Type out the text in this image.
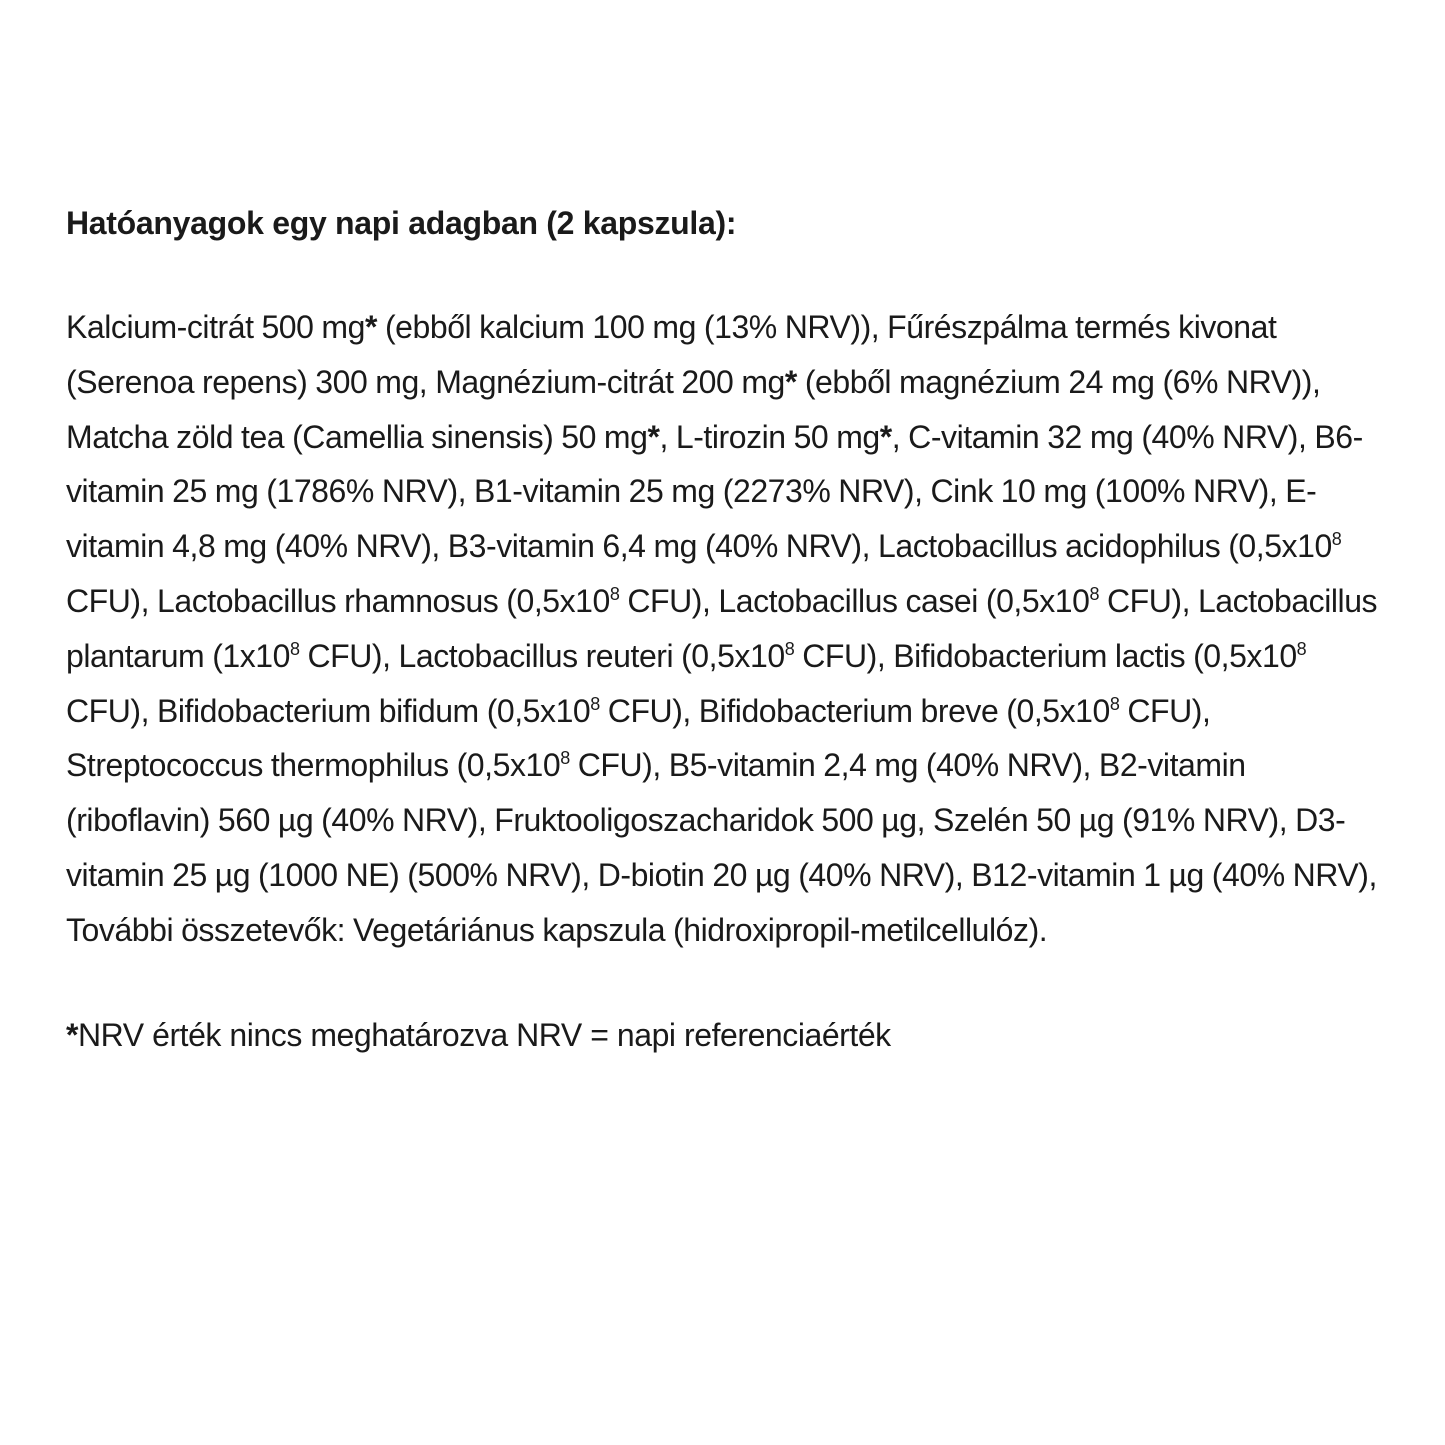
Hatóanyagok egy napi adagban (2 kapszula):

Kalcium-citrát 500 mg* (ebből kalcium 100 mg (13% NRV)), Fűrészpálma termés kivonat (Serenoa repens) 300 mg, Magnézium-citrát 200 mg* (ebből magnézium 24 mg (6% NRV)), Matcha zöld tea (Camellia sinensis) 50 mg*, L-tirozin 50 mg*, C-vitamin 32 mg (40% NRV), B6-vitamin 25 mg (1786% NRV), B1-vitamin 25 mg (2273% NRV), Cink 10 mg (100% NRV), E-vitamin 4,8 mg (40% NRV), B3-vitamin 6,4 mg (40% NRV), Lactobacillus acidophilus ($0,5x10^8$ CFU), Lactobacillus rhamnosus ($0,5x10^8$ CFU), Lactobacillus casei ($0,5x10^8$ CFU), Lactobacillus plantarum ($1x10^8$ CFU), Lactobacillus reuteri ($0,5x10^8$ CFU), Bifidobacterium lactis ($0,5x10^8$ CFU), Bifidobacterium bifidum ($0,5x10^8$ CFU), Bifidobacterium breve ($0,5x10^8$ CFU), Streptococcus thermophilus ($0,5x10^8$ CFU), B5-vitamin 2,4 mg (40% NRV), B2-vitamin (riboflavin) 560 µg (40% NRV), Fruktooligoszacharidok 500 µg, Szelén 50 µg (91% NRV), D3-vitamin 25 µg (1000 NE) (500% NRV), D-biotin 20 µg (40% NRV), B12-vitamin 1 µg (40% NRV), További összetevők: Vegetáriánus kapszula (hidroxipropil-metilcellulóz).

*NRV érték nincs meghatározva NRV = napi referenciaérték
